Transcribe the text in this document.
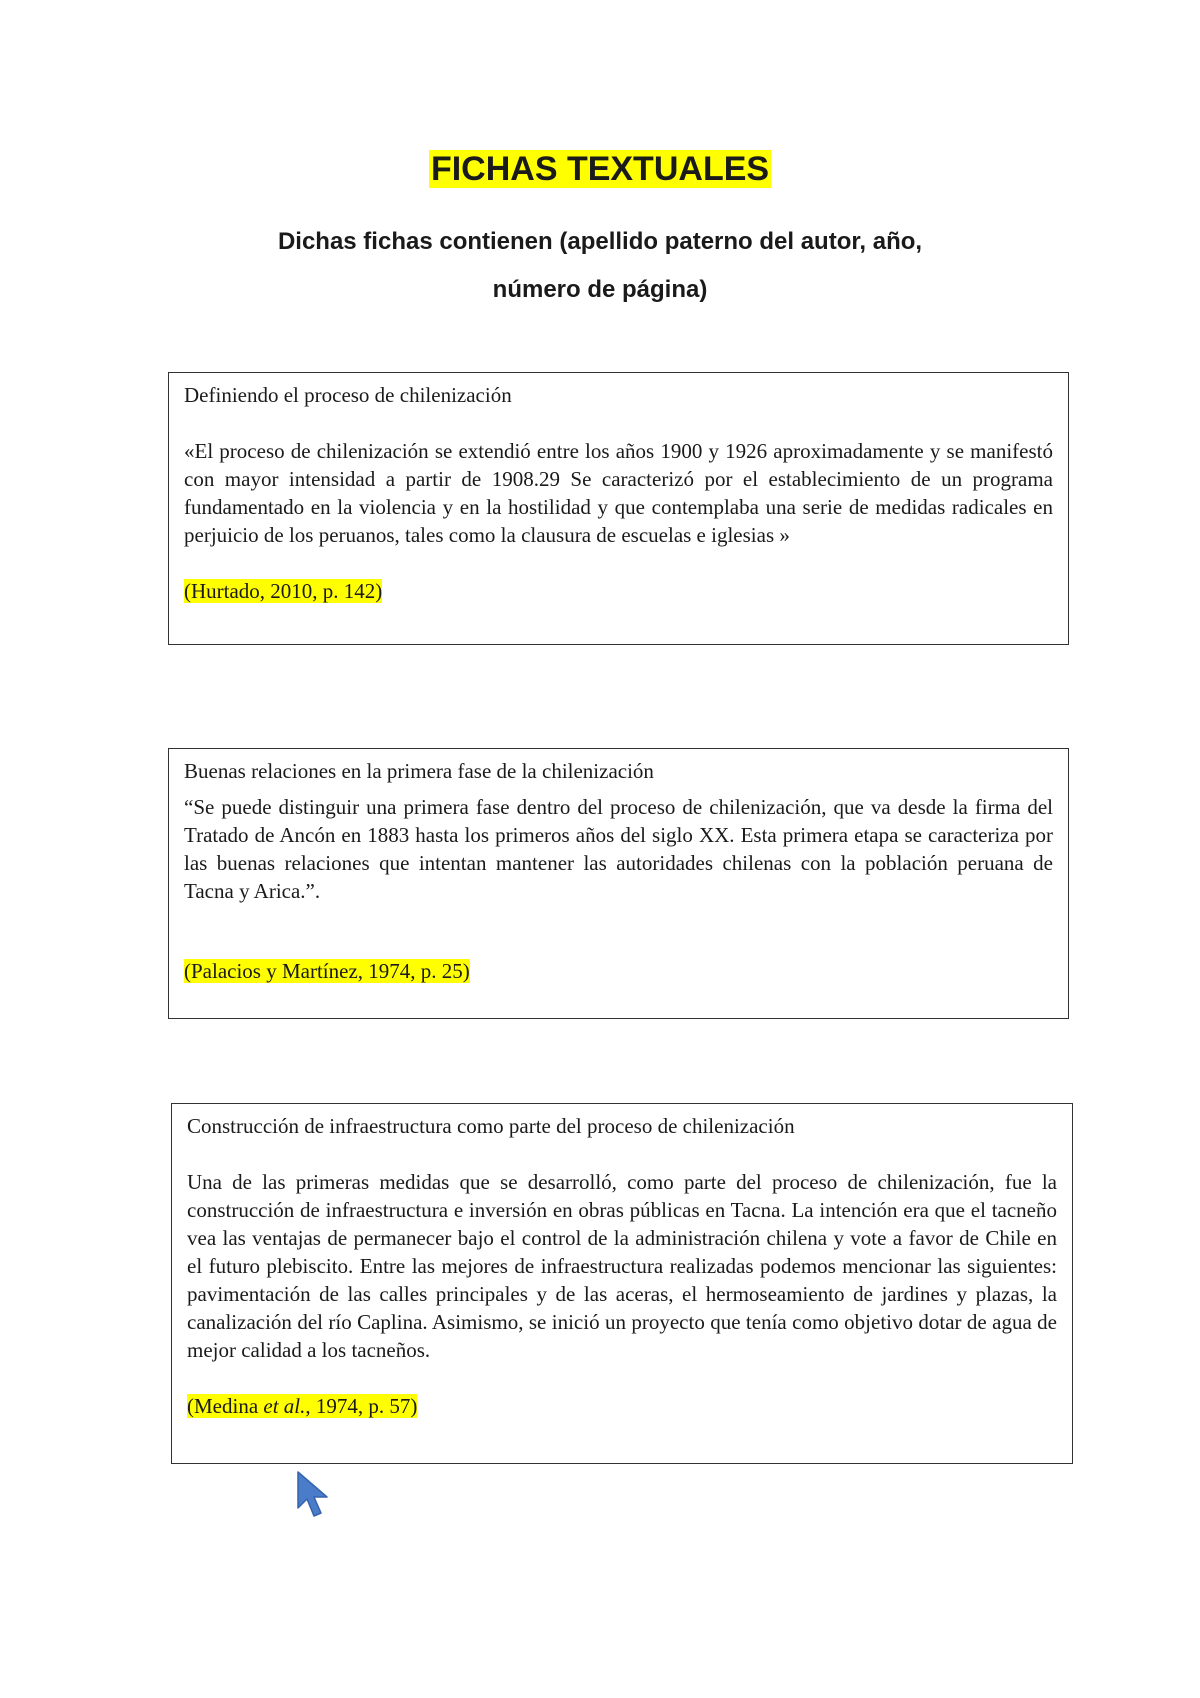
FICHAS TEXTUALES
Dichas fichas contienen (apellido paterno del autor, año,
número de página)

Definiendo el proceso de chilenización

«El proceso de chilenización se extendió entre los años 1900 y 1926 aproximadamente y se manifestó con mayor intensidad a partir de 1908.29 Se caracterizó por el establecimiento de un programa fundamentado en la violencia y en la hostilidad y que contemplaba una serie de medidas radicales en perjuicio de los peruanos, tales como la clausura de escuelas e iglesias »

(Hurtado, 2010, p. 142)

Buenas relaciones en la primera fase de la chilenización

“Se puede distinguir una primera fase dentro del proceso de chilenización, que va desde la firma del Tratado de Ancón en 1883 hasta los primeros años del siglo XX. Esta primera etapa se caracteriza por las buenas relaciones que intentan mantener las autoridades chilenas con la población peruana de Tacna y Arica.”.

(Palacios y Martínez, 1974, p. 25)

Construcción de infraestructura como parte del proceso de chilenización

Una de las primeras medidas que se desarrolló, como parte del proceso de chilenización, fue la construcción de infraestructura e inversión en obras públicas en Tacna. La intención era que el tacneño vea las ventajas de permanecer bajo el control de la administración chilena y vote a favor de Chile en el futuro plebiscito. Entre las mejores de infraestructura realizadas podemos mencionar las siguientes: pavimentación de las calles principales y de las aceras, el hermoseamiento de jardines y plazas, la canalización del río Caplina. Asimismo, se inició un proyecto que tenía como objetivo dotar de agua de mejor calidad a los tacneños.

(Medina et al., 1974, p. 57)
